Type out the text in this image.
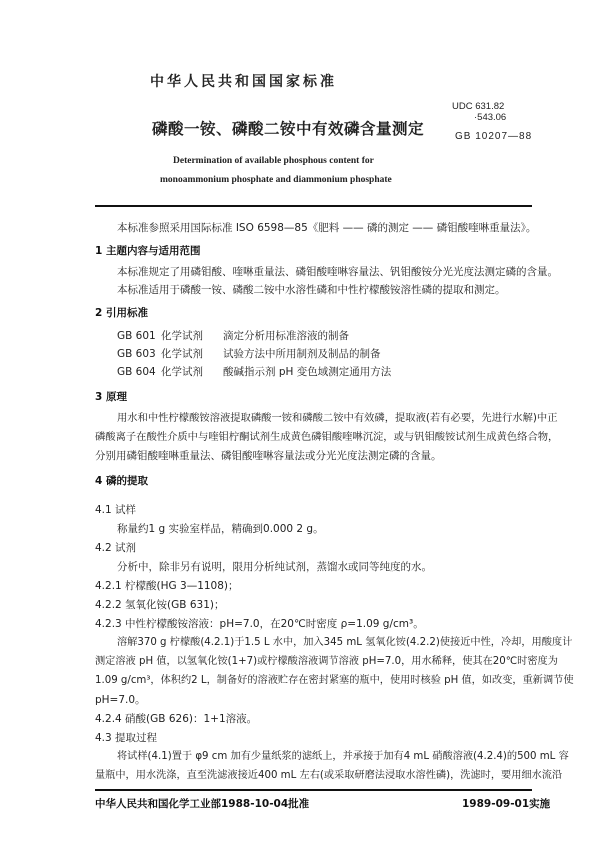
中华人民共和国国家标准
UDC 631.82
·543.06
磷酸一铵、磷酸二铵中有效磷含量测定	GB 10207—88
Determination of available phosphous content for
monoammonium phosphate and diammonium phosphate
本标准参照采用国际标准 ISO 6598—85《肥料 —— 磷的测定 —— 磷钼酸喹啉重量法》。
1 主题内容与适用范围
本标准规定了用磷钼酸、喹啉重量法、磷钼酸喹啉容量法、钒钼酸铵分光光度法测定磷的含量。
本标准适用于磷酸一铵、磷酸二铵中水溶性磷和中性柠檬酸铵溶性磷的提取和测定。
2 引用标准
GB 601 化学试剂 滴定分析用标准溶液的制备
GB 603 化学试剂 试验方法中所用制剂及制品的制备
GB 604 化学试剂 酸碱指示剂 pH 变色域测定通用方法
3 原理
用水和中性柠檬酸铵溶液提取磷酸一铵和磷酸二铵中有效磷，提取液(若有必要，先进行水解)中正
磷酸离子在酸性介质中与喹钼柠酮试剂生成黄色磷钼酸喹啉沉淀，或与钒钼酸铵试剂生成黄色络合物，
分别用磷钼酸喹啉重量法、磷钼酸喹啉容量法或分光光度法测定磷的含量。
4 磷的提取
4.1 试样
称量约1 g 实验室样品，精确到0.000 2 g。
4.2 试剂
分析中，除非另有说明，限用分析纯试剂，蒸馏水或同等纯度的水。
4.2.1 柠檬酸(HG 3—1108)；
4.2.2 氢氧化铵(GB 631)；
4.2.3 中性柠檬酸铵溶液：pH=7.0，在20℃时密度 ρ=1.09 g/cm³。
溶解370 g 柠檬酸(4.2.1)于1.5 L 水中，加入345 mL 氢氧化铵(4.2.2)使接近中性，冷却，用酸度计
测定溶液 pH 值，以氢氧化铵(1+7)或柠檬酸溶液调节溶液 pH=7.0，用水稀释，使其在20℃时密度为
1.09 g/cm³，体积约2 L，制备好的溶液贮存在密封紧塞的瓶中，使用时核验 pH 值，如改变，重新调节使
pH=7.0。
4.2.4 硝酸(GB 626)：1+1溶液。
4.3 提取过程
将试样(4.1)置于 φ9 cm 加有少量纸浆的滤纸上，并承接于加有4 mL 硝酸溶液(4.2.4)的500 mL 容
量瓶中，用水洗涤，直至洗滤液接近400 mL 左右(或采取研磨法浸取水溶性磷)，洗滤时，要用细水流沿
中华人民共和国化学工业部1988-10-04批准	1989-09-01实施
